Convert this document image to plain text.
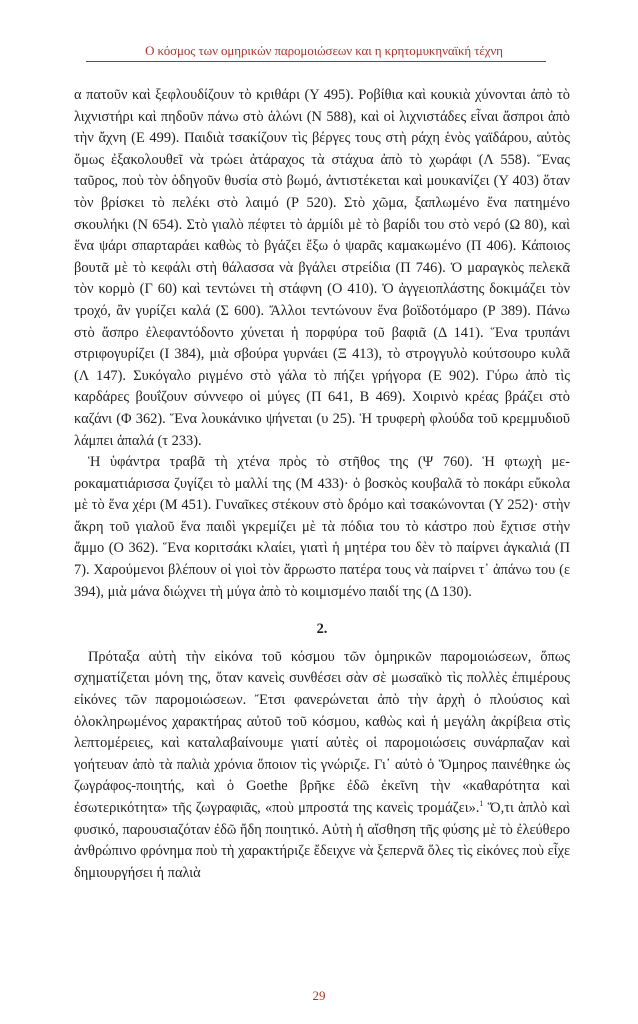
Ο κόσμος των ομηρικών παρομοιώσεων και η κρητομυκηναϊκή τέχνη

α πατοῦν καὶ ξεφλουδίζουν τὸ κριθάρι (Υ 495). Ροβίθια καὶ κουκιὰ χύνονται ἀπὸ τὸ λιχνιστήρι καὶ πηδοῦν πάνω στὸ ἁλώνι (Ν 588), καὶ οἱ λιχνιστάδες εἶναι ἄσπροι ἀπὸ τὴν ἄχνη (Ε 499). Παιδιὰ τσακίζουν τὶς βέργες τους στὴ ράχη ἑνὸς γαϊδάρου, αὐτὸς ὅμως ἐξακολουθεῖ νὰ τρώει ἀτάραχος τὰ στάχυα ἀπὸ τὸ χωράφι (Λ 558). Ἕνας ταῦρος, ποὺ τὸν ὁδηγοῦν θυσία στὸ βωμό, ἀντιστέκεται καὶ μουκανίζει (Υ 403) ὅταν τὸν βρίσκει τὸ πελέκι στὸ λαιμό (Ρ 520). Στὸ χῶμα, ξαπλωμένο ἕνα πατημένο σκουλήκι (Ν 654). Στὸ γιαλὸ πέφτει τὸ ἀρμίδι μὲ τὸ βαρίδι του στὸ νερό (Ω 80), καὶ ἕνα ψάρι σπαρταράει καθὼς τὸ βγάζει ἔξω ὁ ψαρᾶς καμακωμένο (Π 406). Κάποιος βουτᾶ μὲ τὸ κεφάλι στὴ θάλασσα νὰ βγάλει στρείδια (Π 746). Ὁ μαραγκὸς πελεκᾶ τὸν κορμὸ (Γ 60) καὶ τεντώνει τὴ στάφνη (Ο 410). Ὁ ἀγγειοπλάστης δοκιμάζει τὸν τροχό, ἂν γυρίζει καλά (Σ 600). Ἄλλοι τεντώνουν ἕνα βοϊδοτόμαρο (Ρ 389). Πάνω στὸ ἄσπρο ἐλεφαντόδοντο χύνεται ἡ πορφύρα τοῦ βαφιᾶ (Δ 141). Ἕνα τρυπάνι στριφογυρίζει (Ι 384), μιὰ σβούρα γυρνάει (Ξ 413), τὸ στρογγυλὸ κούτσουρο κυλᾶ (Λ 147). Συκόγαλο ριγμένο στὸ γάλα τὸ πήζει γρήγορα (Ε 902). Γύρω ἀπὸ τὶς καρδάρες βουΐζουν σύννεφο οἱ μύγες (Π 641, Β 469). Χοιρινὸ κρέας βράζει στὸ καζάνι (Φ 362). Ἕνα λουκάνικο ψήνεται (υ 25). Ἡ τρυφερὴ φλούδα τοῦ κρεμμυδιοῦ λάμπει ἁπαλά (τ 233).

Ἡ ὑφάντρα τραβᾶ τὴ χτένα πρὸς τὸ στῆθος της (Ψ 760). Ἡ φτωχὴ μεροκαματιάρισσα ζυγίζει τὸ μαλλί της (Μ 433)· ὁ βοσκὸς κουβαλᾶ τὸ ποκάρι εὔκολα μὲ τὸ ἕνα χέρι (Μ 451). Γυναῖκες στέκουν στὸ δρόμο καὶ τσακώνονται (Υ 252)· στὴν ἄκρη τοῦ γιαλοῦ ἕνα παιδὶ γκρεμίζει μὲ τὰ πόδια του τὸ κάστρο ποὺ ἔχτισε στὴν ἄμμο (Ο 362). Ἕνα κοριτσάκι κλαίει, γιατὶ ἡ μητέρα του δὲν τὸ παίρνει ἀγκαλιά (Π 7). Χαρούμενοι βλέπουν οἱ γιοὶ τὸν ἄρρωστο πατέρα τους νὰ παίρνει τ᾿ ἀπάνω του (ε 394), μιὰ μάνα διώχνει τὴ μύγα ἀπὸ τὸ κοιμισμένο παιδί της (Δ 130).

2.

Πρόταξα αὐτὴ τὴν εἰκόνα τοῦ κόσμου τῶν ὁμηρικῶν παρομοιώσεων, ὅπως σχηματίζεται μόνη της, ὅταν κανεὶς συνθέσει σὰν σὲ μωσαϊκὸ τὶς πολλὲς ἐπιμέρους εἰκόνες τῶν παρομοιώσεων. Ἔτσι φανερώνεται ἀπὸ τὴν ἀρχὴ ὁ πλούσιος καὶ ὁλοκληρωμένος χαρακτήρας αὐτοῦ τοῦ κόσμου, καθὼς καὶ ἡ μεγάλη ἀκρίβεια στὶς λεπτομέρειες, καὶ καταλαβαίνουμε γιατί αὐτὲς οἱ παρομοιώσεις συνάρπαζαν καὶ γοήτευαν ἀπὸ τὰ παλιὰ χρόνια ὅποιον τὶς γνώριζε. Γι᾿ αὐτὸ ὁ Ὅμηρος παινέθηκε ὡς ζωγράφος-ποιητής, καὶ ὁ Goethe βρῆκε ἐδῶ ἐκεῖνη τὴν «καθαρότητα καὶ ἐσωτερικότητα» τῆς ζωγραφιᾶς, «ποὺ μπροστά της κανεὶς τρομάζει».$^1$ Ὅ,τι ἁπλὸ καὶ φυσικό, παρουσιαζόταν ἐδῶ ἤδη ποιητικό. Αὐτὴ ἡ αἴσθηση τῆς φύσης μὲ τὸ ἐλεύθερο ἀνθρώπινο φρόνημα ποὺ τὴ χαρακτήριζε ἔδειχνε νὰ ξεπερνᾶ ὅλες τὶς εἰκόνες ποὺ εἶχε δημιουργήσει ἡ παλιὰ

29
